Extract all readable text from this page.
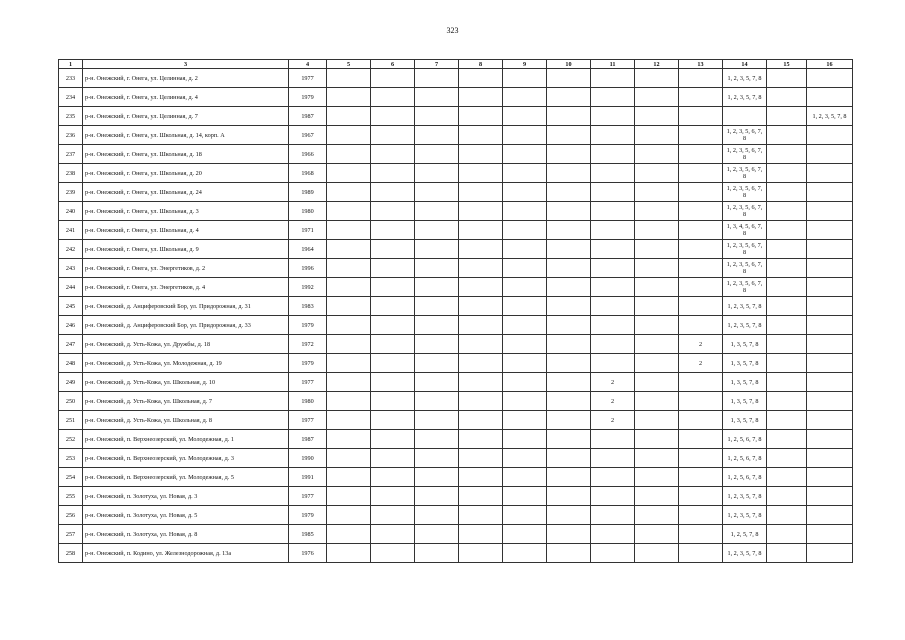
323
1	3	4	5	6	7	8	9	10	11	12	13	14	15	16
233	р-н. Онежский, г. Онега, ул. Целинная, д. 2	1977										1, 2, 3, 5, 7, 8		
234	р-н. Онежский, г. Онега, ул. Целинная, д. 4	1979										1, 2, 3, 5, 7, 8		
235	р-н. Онежский, г. Онега, ул. Целинная, д. 7	1987												1, 2, 3, 5, 7, 8
236	р-н. Онежский, г. Онега, ул. Школьная, д. 14, корп. А	1967										1, 2, 3, 5, 6, 7, 8		
237	р-н. Онежский, г. Онега, ул. Школьная, д. 18	1966										1, 2, 3, 5, 6, 7, 8		
238	р-н. Онежский, г. Онега, ул. Школьная, д. 20	1968										1, 2, 3, 5, 6, 7, 8		
239	р-н. Онежский, г. Онега, ул. Школьная, д. 24	1989										1, 2, 3, 5, 6, 7, 8		
240	р-н. Онежский, г. Онега, ул. Школьная, д. 3	1980										1, 2, 3, 5, 6, 7, 8		
241	р-н. Онежский, г. Онега, ул. Школьная, д. 4	1971										1, 3, 4, 5, 6, 7, 8		
242	р-н. Онежский, г. Онега, ул. Школьная, д. 9	1964										1, 2, 3, 5, 6, 7, 8		
243	р-н. Онежский, г. Онега, ул. Энергетиков, д. 2	1996										1, 2, 3, 5, 6, 7, 8		
244	р-н. Онежский, г. Онега, ул. Энергетиков, д. 4	1992										1, 2, 3, 5, 6, 7, 8		
245	р-н. Онежский, д. Анциферовский Бор, ул. Придорожная, д. 31	1983										1, 2, 3, 5, 7, 8		
246	р-н. Онежский, д. Анциферовский Бор, ул. Придорожная, д. 33	1979										1, 2, 3, 5, 7, 8		
247	р-н. Онежский, д. Усть-Кожа, ул. Дружбы, д. 18	1972									2	1, 3, 5, 7, 8		
248	р-н. Онежский, д. Усть-Кожа, ул. Молодежная, д. 19	1979									2	1, 3, 5, 7, 8		
249	р-н. Онежский, д. Усть-Кожа, ул. Школьная, д. 10	1977							2			1, 3, 5, 7, 8		
250	р-н. Онежский, д. Усть-Кожа, ул. Школьная, д. 7	1980							2			1, 3, 5, 7, 8		
251	р-н. Онежский, д. Усть-Кожа, ул. Школьная, д. 8	1977							2			1, 3, 5, 7, 8		
252	р-н. Онежский, п. Верхнеозерский, ул. Молодежная, д. 1	1987										1, 2, 5, 6, 7, 8		
253	р-н. Онежский, п. Верхнеозерский, ул. Молодежная, д. 3	1990										1, 2, 5, 6, 7, 8		
254	р-н. Онежский, п. Верхнеозерский, ул. Молодежная, д. 5	1991										1, 2, 5, 6, 7, 8		
255	р-н. Онежский, п. Золотуха, ул. Новая, д. 3	1977										1, 2, 3, 5, 7, 8		
256	р-н. Онежский, п. Золотуха, ул. Новая, д. 5	1979										1, 2, 3, 5, 7, 8		
257	р-н. Онежский, п. Золотуха, ул. Новая, д. 8	1985										1, 2, 5, 7, 8		
258	р-н. Онежский, п. Кодино, ул. Железнодорожная, д. 13а	1976										1, 2, 3, 5, 7, 8		
